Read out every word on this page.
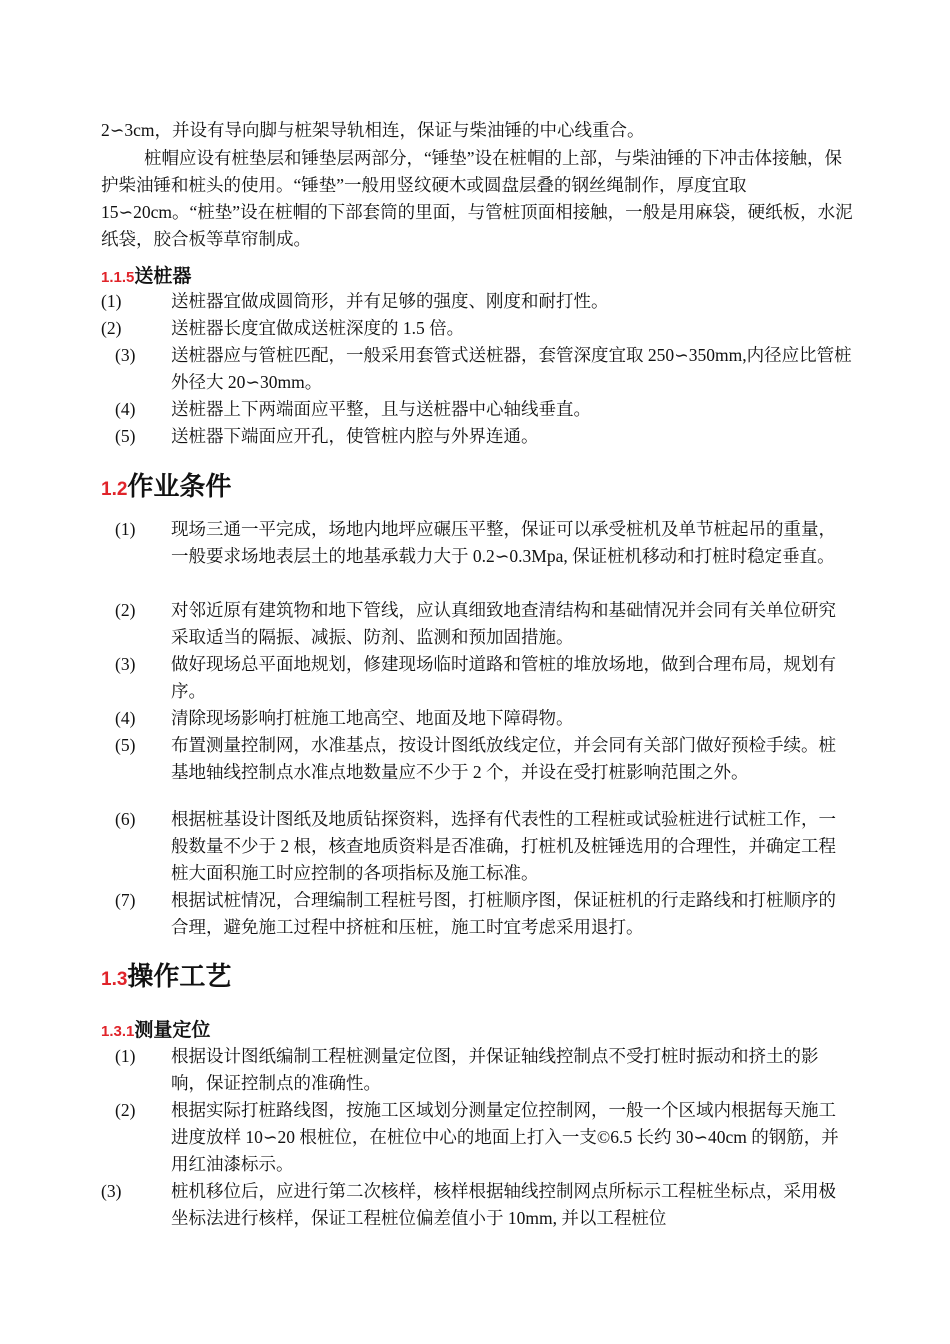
2∽3cm，并设有导向脚与桩架导轨相连，保证与柴油锤的中心线重合。
桩帽应设有桩垫层和锤垫层两部分，“锤垫”设在桩帽的上部，与柴油锤的下冲击体接触，保护柴油锤和桩头的使用。“锤垫”一般用竖纹硬木或圆盘层叠的钢丝绳制作，厚度宜取 15∽20cm。“桩垫”设在桩帽的下部套筒的里面，与管桩顶面相接触，一般是用麻袋，硬纸板，水泥纸袋，胶合板等草帘制成。
1.1.5送桩器
(1)	送桩器宜做成圆筒形，并有足够的强度、刚度和耐打性。
(2)	送桩器长度宜做成送桩深度的 1.5 倍。
(3)	送桩器应与管桩匹配，一般采用套管式送桩器，套管深度宜取 250∽350mm,内径应比管桩外径大 20∽30mm。
(4)	送桩器上下两端面应平整，且与送桩器中心轴线垂直。
(5)	送桩器下端面应开孔，使管桩内腔与外界连通。
1.2作业条件
(1)	现场三通一平完成，场地内地坪应碾压平整，保证可以承受桩机及单节桩起吊的重量，一般要求场地表层土的地基承载力大于 0.2∽0.3Mpa, 保证桩机移动和打桩时稳定垂直。
(2)	对邻近原有建筑物和地下管线，应认真细致地查清结构和基础情况并会同有关单位研究采取适当的隔振、减振、防剂、监测和预加固措施。
(3)	做好现场总平面地规划，修建现场临时道路和管桩的堆放场地，做到合理布局，规划有序。
(4)	清除现场影响打桩施工地高空、地面及地下障碍物。
(5)	布置测量控制网，水准基点，按设计图纸放线定位，并会同有关部门做好预检手续。桩基地轴线控制点水准点地数量应不少于 2 个，并设在受打桩影响范围之外。
(6)	根据桩基设计图纸及地质钻探资料，选择有代表性的工程桩或试验桩进行试桩工作，一般数量不少于 2 根，核查地质资料是否准确，打桩机及桩锤选用的合理性，并确定工程桩大面积施工时应控制的各项指标及施工标准。
(7)	根据试桩情况，合理编制工程桩号图，打桩顺序图，保证桩机的行走路线和打桩顺序的合理，避免施工过程中挤桩和压桩，施工时宜考虑采用退打。
1.3操作工艺
1.3.1测量定位
(1)	根据设计图纸编制工程桩测量定位图，并保证轴线控制点不受打桩时振动和挤土的影响，保证控制点的准确性。
(2)	根据实际打桩路线图，按施工区域划分测量定位控制网，一般一个区域内根据每天施工进度放样 10∽20 根桩位，在桩位中心的地面上打入一支©6.5 长约 30∽40cm 的钢筋，并用红油漆标示。
(3)	桩机移位后，应进行第二次核样，核样根据轴线控制网点所标示工程桩坐标点，采用极坐标法进行核样，保证工程桩位偏差值小于 10mm, 并以工程桩位
